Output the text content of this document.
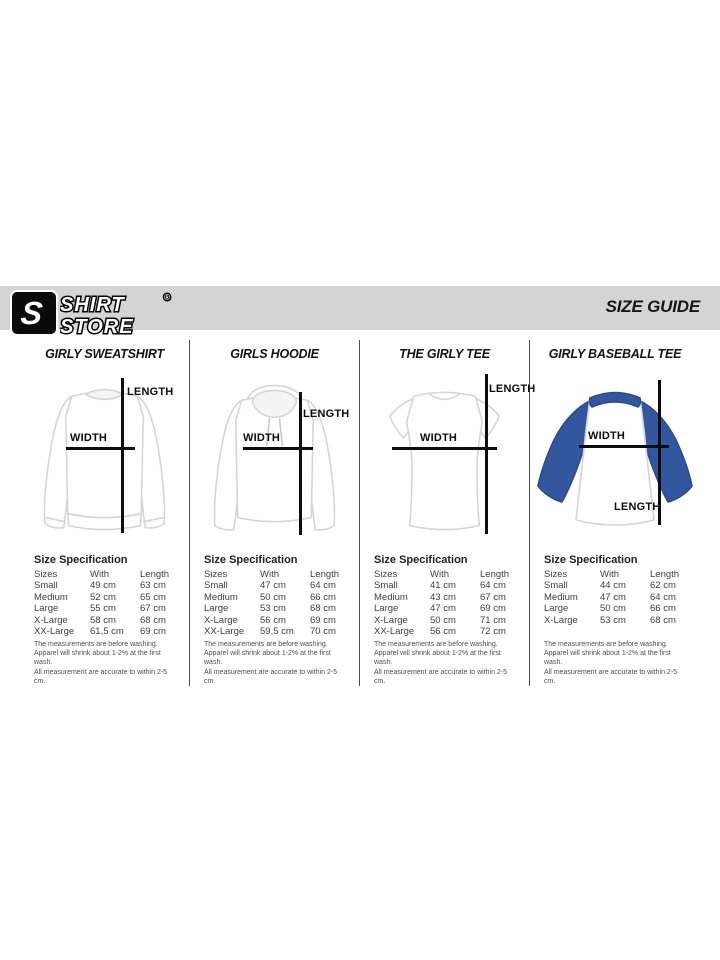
S SHIRT
STORE
®	SIZE GUIDE
GIRLY SWEATSHIRT
LENGTH
WIDTH
Size Specification
Sizes	With	Length
Small	49 cm	63 cm
Medium	52 cm	65 cm
Large	55 cm	67 cm
X-Large	58 cm	68 cm
XX-Large	61,5 cm	69 cm
The measurements are before washing.
Apparel will shrink about 1-2% at the first wash.
All measurement are accurate to within 2-5 cm.
GIRLS HOODIE
LENGTH
WIDTH
Size Specification
Sizes	With	Length
Small	47 cm	64 cm
Medium	50 cm	66 cm
Large	53 cm	68 cm
X-Large	56 cm	69 cm
XX-Large	59,5 cm	70 cm
The measurements are before washing.
Apparel will shrink about 1-2% at the first wash.
All measurement are accurate to within 2-5 cm.
THE GIRLY TEE
LENGTH
WIDTH
Size Specification
Sizes	With	Length
Small	41 cm	64 cm
Medium	43 cm	67 cm
Large	47 cm	69 cm
X-Large	50 cm	71 cm
XX-Large	56 cm	72 cm
The measurements are before washing.
Apparel will shrink about 1-2% at the first wash.
All measurement are accurate to within 2-5 cm.
GIRLY BASEBALL TEE
WIDTH
LENGTH
Size Specification
Sizes	With	Length
Small	44 cm	62 cm
Medium	47 cm	64 cm
Large	50 cm	66 cm
X-Large	53 cm	68 cm
The measurements are before washing.
Apparel will shrink about 1-2% at the first wash.
All measurement are accurate to within 2-5 cm.
